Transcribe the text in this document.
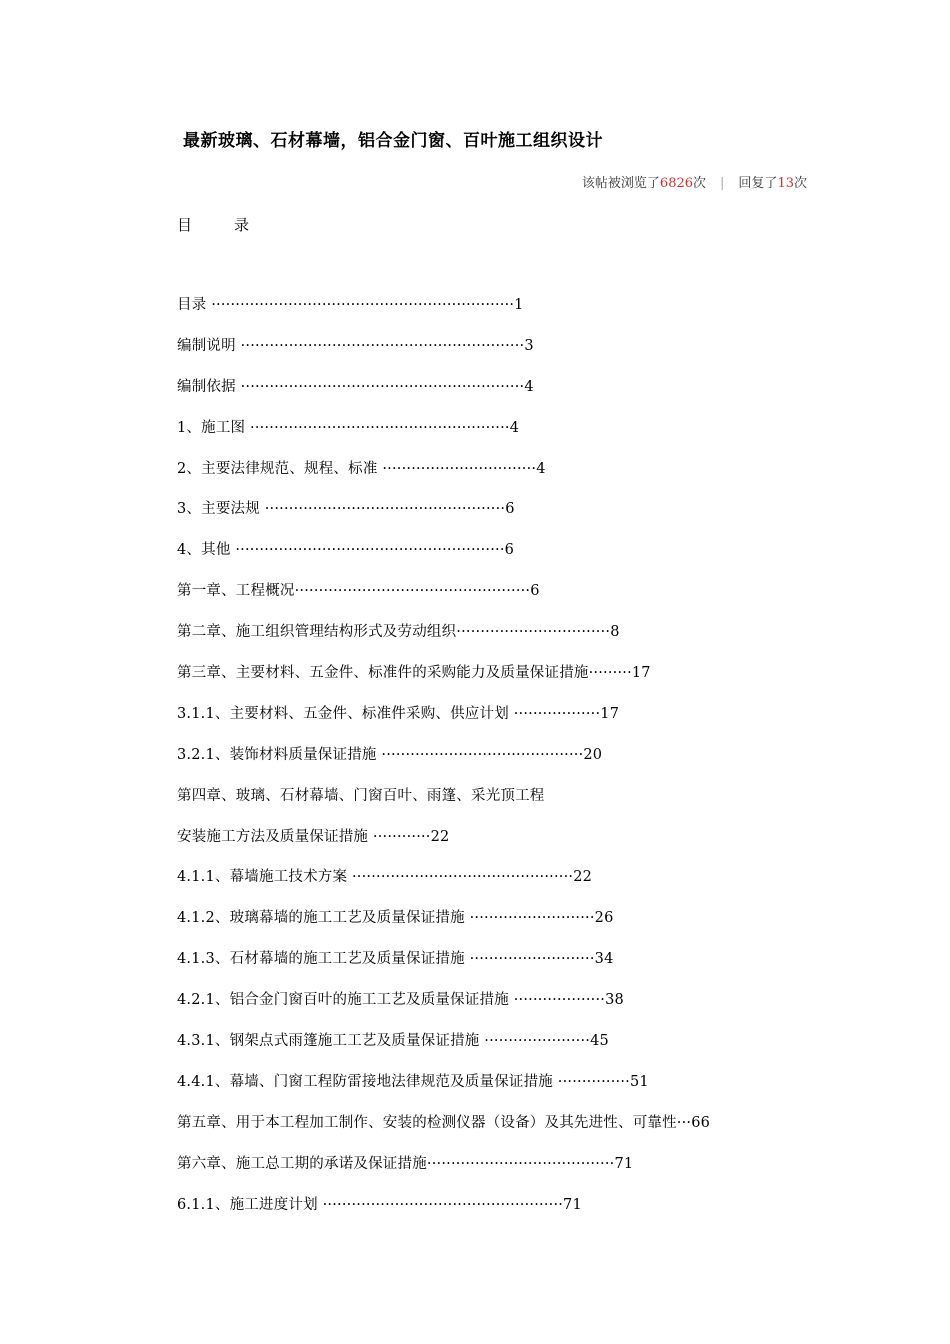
最新玻璃、石材幕墙，铝合金门窗、百叶施工组织设计
该帖被浏览了6826次 | 回复了13次
目	录
目录 ·······························································1
编制说明 ···························································3
编制依据 ···························································4
1、施工图 ······················································4
2、主要法律规范、规程、标准 ································4
3、主要法规 ··················································6
4、其他 ························································6
第一章、工程概况·················································6
第二章、施工组织管理结构形式及劳动组织································8
第三章、主要材料、五金件、标准件的采购能力及质量保证措施·········17
3.1.1、主要材料、五金件、标准件采购、供应计划 ··················17
3.2.1、装饰材料质量保证措施 ··········································20
第四章、玻璃、石材幕墙、门窗百叶、雨篷、采光顶工程
安装施工方法及质量保证措施 ············22
4.1.1、幕墙施工技术方案 ··············································22
4.1.2、玻璃幕墙的施工工艺及质量保证措施 ··························26
4.1.3、石材幕墙的施工工艺及质量保证措施 ··························34
4.2.1、铝合金门窗百叶的施工工艺及质量保证措施 ···················38
4.3.1、钢架点式雨篷施工工艺及质量保证措施 ······················45
4.4.1、幕墙、门窗工程防雷接地法律规范及质量保证措施 ···············51
第五章、用于本工程加工制作、安装的检测仪器（设备）及其先进性、可靠性···66
第六章、施工总工期的承诺及保证措施·······································71
6.1.1、施工进度计划 ··················································71
